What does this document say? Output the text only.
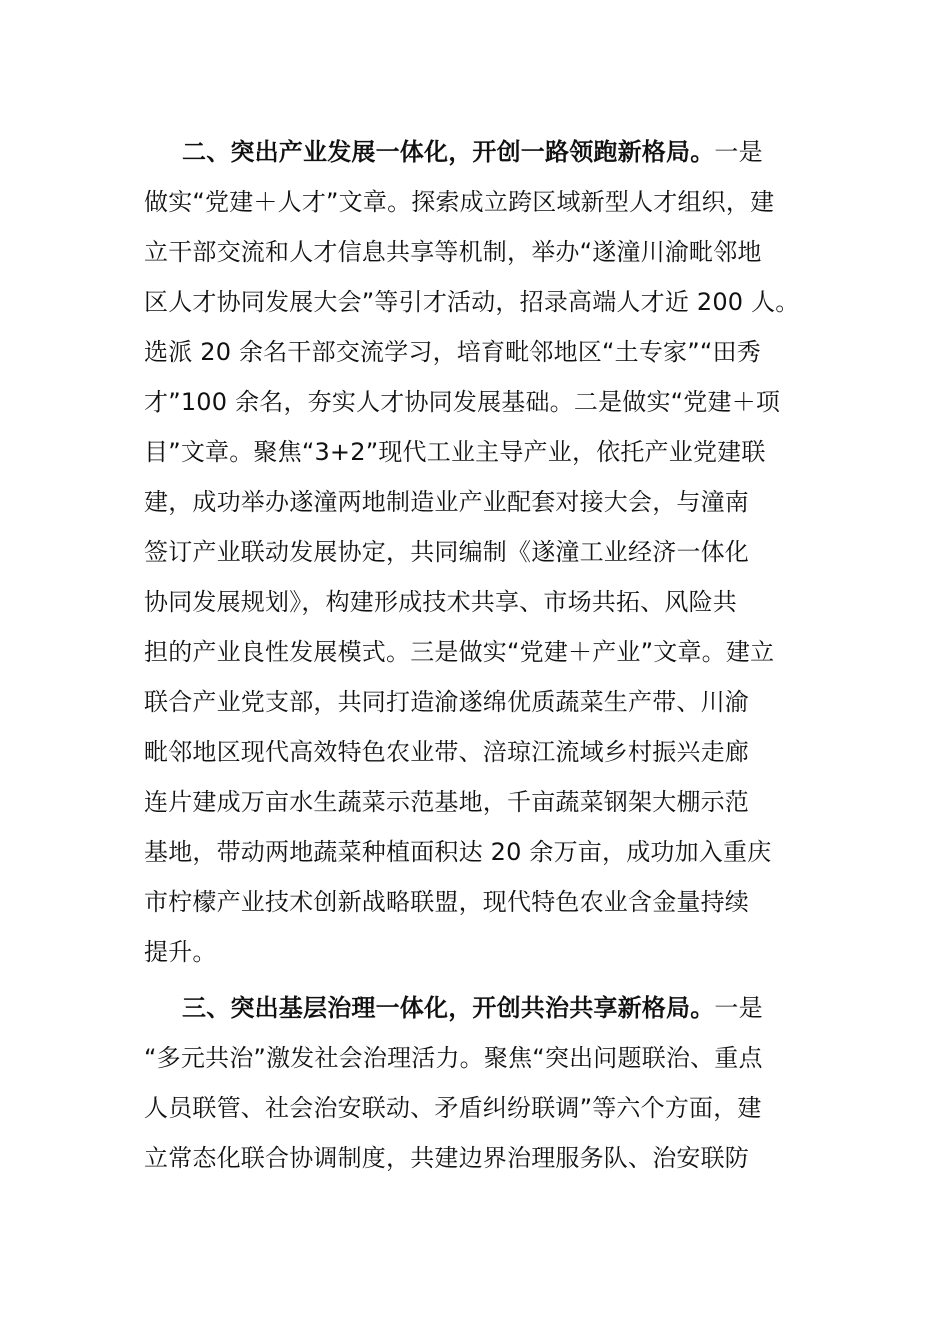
二、突出产业发展一体化，开创一路领跑新格局。一是
做实“党建＋人才”文章。探索成立跨区域新型人才组织，建
立干部交流和人才信息共享等机制，举办“遂潼川渝毗邻地
区人才协同发展大会”等引才活动，招录高端人才近 200 人。
选派 20 余名干部交流学习，培育毗邻地区“土专家”“田秀
才”100 余名，夯实人才协同发展基础。二是做实“党建＋项
目”文章。聚焦“3+2”现代工业主导产业，依托产业党建联
建，成功举办遂潼两地制造业产业配套对接大会，与潼南
签订产业联动发展协定，共同编制《遂潼工业经济一体化
协同发展规划》，构建形成技术共享、市场共拓、风险共
担的产业良性发展模式。三是做实“党建＋产业”文章。建立
联合产业党支部，共同打造渝遂绵优质蔬菜生产带、川渝
毗邻地区现代高效特色农业带、涪琼江流域乡村振兴走廊
连片建成万亩水生蔬菜示范基地，千亩蔬菜钢架大棚示范
基地，带动两地蔬菜种植面积达 20 余万亩，成功加入重庆
市柠檬产业技术创新战略联盟，现代特色农业含金量持续
提升。
三、突出基层治理一体化，开创共治共享新格局。一是
“多元共治”激发社会治理活力。聚焦“突出问题联治、重点
人员联管、社会治安联动、矛盾纠纷联调”等六个方面，建
立常态化联合协调制度，共建边界治理服务队、治安联防
